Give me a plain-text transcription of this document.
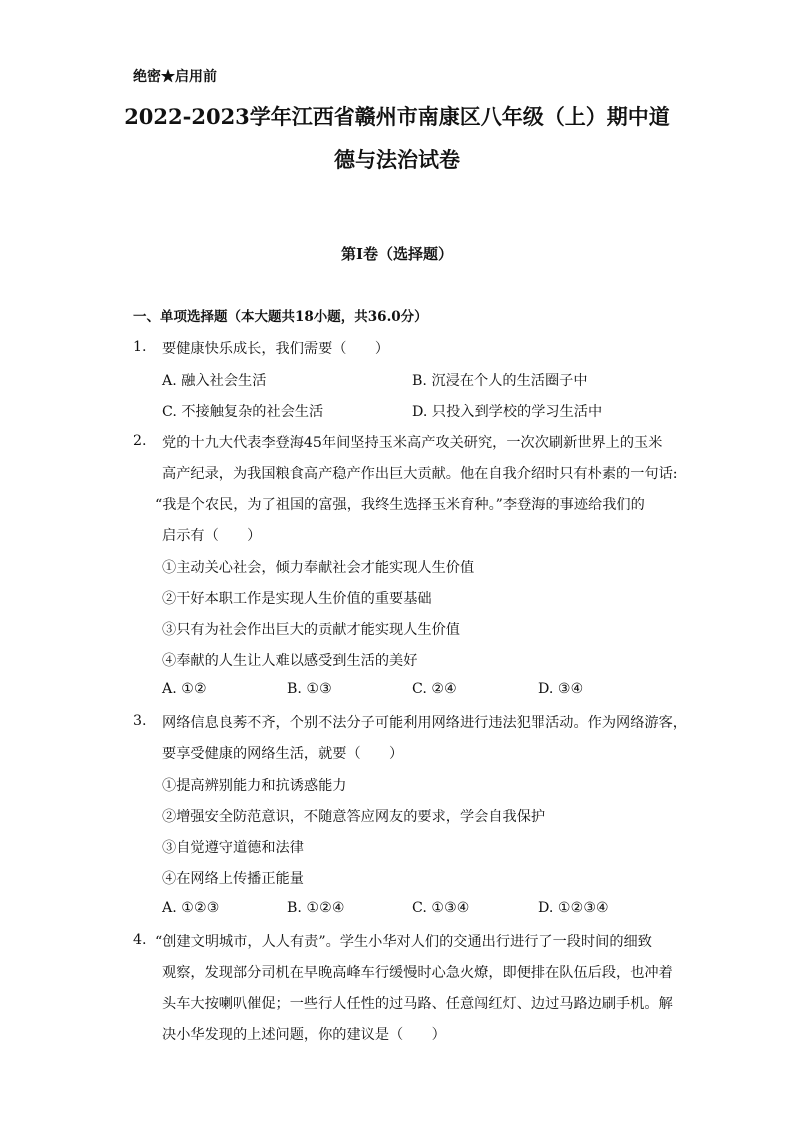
绝密★启用前
2022-2023学年江西省赣州市南康区八年级（上）期中道
德与法治试卷
第I卷（选择题）
一、单项选择题（本大题共18小题，共36.0分）
1. 要健康快乐成长，我们需要（　　）
A. 融入社会生活	B. 沉浸在个人的生活圈子中
C. 不接触复杂的社会生活	D. 只投入到学校的学习生活中
2. 党的十九大代表李登海45年间坚持玉米高产攻关研究，一次次刷新世界上的玉米
高产纪录，为我国粮食高产稳产作出巨大贡献。他在自我介绍时只有朴素的一句话:
“我是个农民，为了祖国的富强，我终生选择玉米育种。”李登海的事迹给我们的
启示有（　　）
①主动关心社会，倾力奉献社会才能实现人生价值
②干好本职工作是实现人生价值的重要基础
③只有为社会作出巨大的贡献才能实现人生价值
④奉献的人生让人难以感受到生活的美好
A. ①②	B. ①③	C. ②④	D. ③④
3. 网络信息良莠不齐，个别不法分子可能利用网络进行违法犯罪活动。作为网络游客，
要享受健康的网络生活，就要（　　）
①提高辨别能力和抗诱惑能力
②增强安全防范意识，不随意答应网友的要求，学会自我保护
③自觉遵守道德和法律
④在网络上传播正能量
A. ①②③	B. ①②④	C. ①③④	D. ①②③④
4. “创建文明城市，人人有责”。学生小华对人们的交通出行进行了一段时间的细致
观察，发现部分司机在早晚高峰车行缓慢时心急火燎，即便排在队伍后段，也冲着
头车大按喇叭催促；一些行人任性的过马路、任意闯红灯、边过马路边刷手机。解
决小华发现的上述问题，你的建议是（　　）
